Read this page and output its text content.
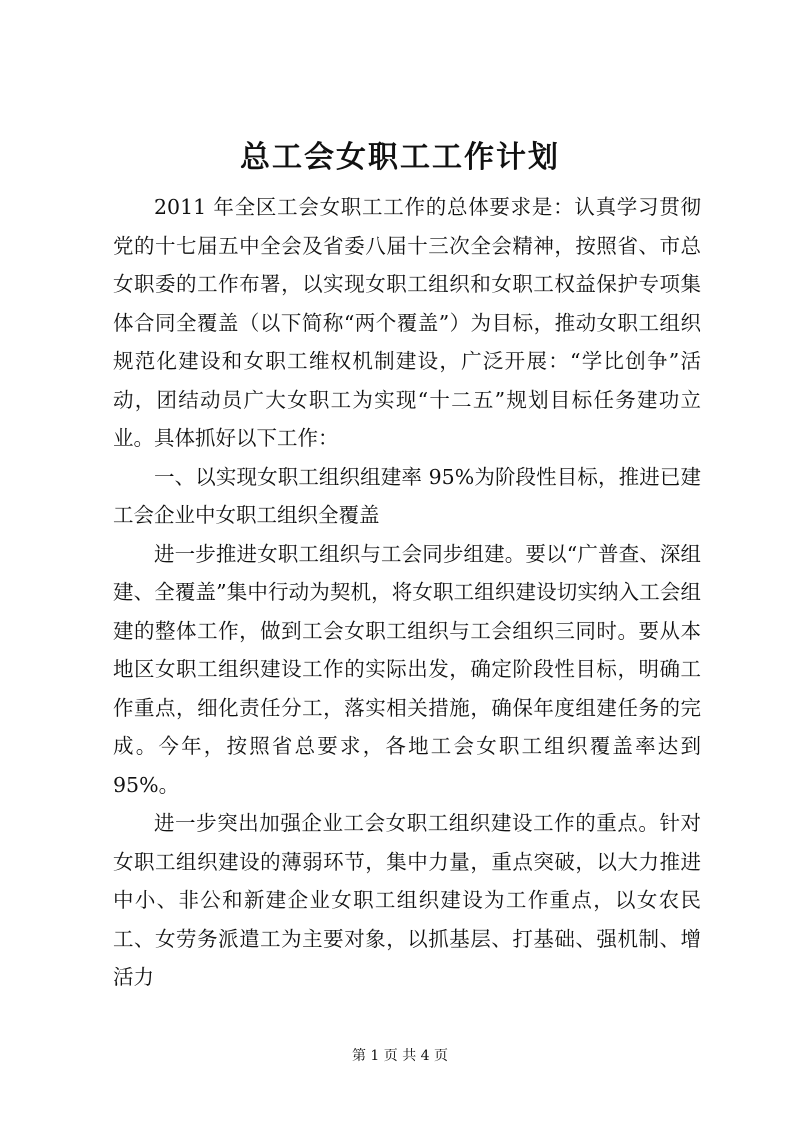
总工会女职工工作计划

2011 年全区工会女职工工作的总体要求是：认真学习贯彻党的十七届五中全会及省委八届十三次全会精神，按照省、市总女职委的工作布署，以实现女职工组织和女职工权益保护专项集体合同全覆盖（以下简称“两个覆盖”）为目标，推动女职工组织规范化建设和女职工维权机制建设，广泛开展：“学比创争”活动，团结动员广大女职工为实现“十二五”规划目标任务建功立业。具体抓好以下工作：

一、以实现女职工组织组建率 95%为阶段性目标，推进已建工会企业中女职工组织全覆盖

进一步推进女职工组织与工会同步组建。要以“广普查、深组建、全覆盖”集中行动为契机，将女职工组织建设切实纳入工会组建的整体工作，做到工会女职工组织与工会组织三同时。要从本地区女职工组织建设工作的实际出发，确定阶段性目标，明确工作重点，细化责任分工，落实相关措施，确保年度组建任务的完成。今年，按照省总要求，各地工会女职工组织覆盖率达到 95%。

进一步突出加强企业工会女职工组织建设工作的重点。针对女职工组织建设的薄弱环节，集中力量，重点突破，以大力推进中小、非公和新建企业女职工组织建设为工作重点，以女农民工、女劳务派遣工为主要对象，以抓基层、打基础、强机制、增活力

第 1 页 共 4 页
